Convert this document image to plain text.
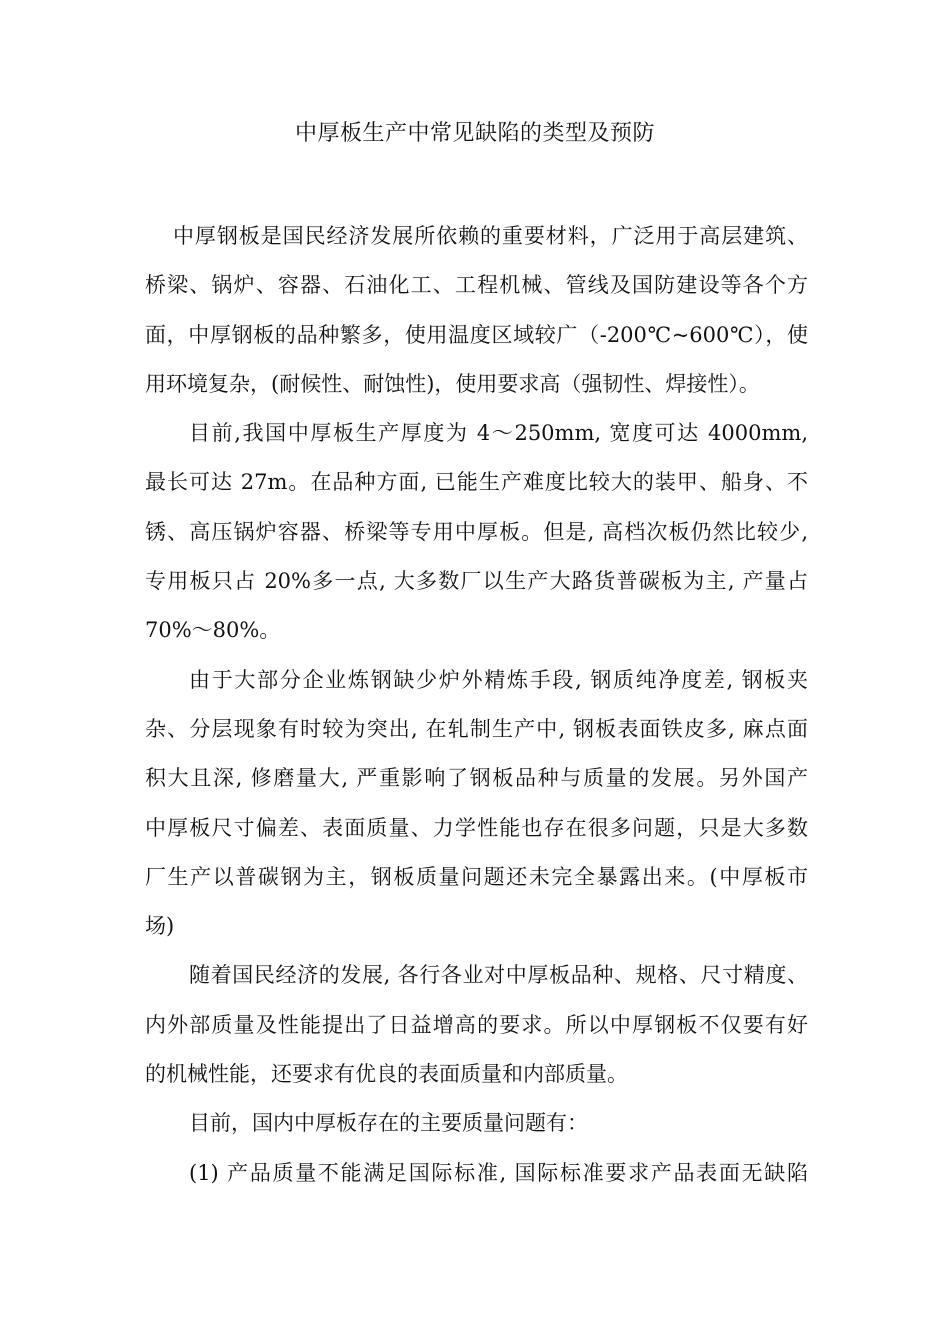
中厚板生产中常见缺陷的类型及预防
中厚钢板是国民经济发展所依赖的重要材料，广泛用于高层建筑、
桥梁、锅炉、容器、石油化工、工程机械、管线及国防建设等各个方
面，中厚钢板的品种繁多，使用温度区域较广（-200℃~600℃），使
用环境复杂，(耐候性、耐蚀性)，使用要求高（强韧性、焊接性）。
目前,我国中厚板生产厚度为 4～250mm, 宽度可达 4000mm,
最长可达 27m。在品种方面, 已能生产难度比较大的装甲、船身、不
锈、高压锅炉容器、桥梁等专用中厚板。但是, 高档次板仍然比较少,
专用板只占 20%多一点, 大多数厂以生产大路货普碳板为主, 产量占
70%～80%。
由于大部分企业炼钢缺少炉外精炼手段, 钢质纯净度差, 钢板夹
杂、分层现象有时较为突出, 在轧制生产中, 钢板表面铁皮多, 麻点面
积大且深, 修磨量大, 严重影响了钢板品种与质量的发展。另外国产
中厚板尺寸偏差、表面质量、力学性能也存在很多问题，只是大多数
厂生产以普碳钢为主，钢板质量问题还未完全暴露出来。(中厚板市
场)
随着国民经济的发展, 各行各业对中厚板品种、规格、尺寸精度、
内外部质量及性能提出了日益增高的要求。所以中厚钢板不仅要有好
的机械性能，还要求有优良的表面质量和内部质量。
目前，国内中厚板存在的主要质量问题有：
(1) 产品质量不能满足国际标准, 国际标准要求产品表面无缺陷
